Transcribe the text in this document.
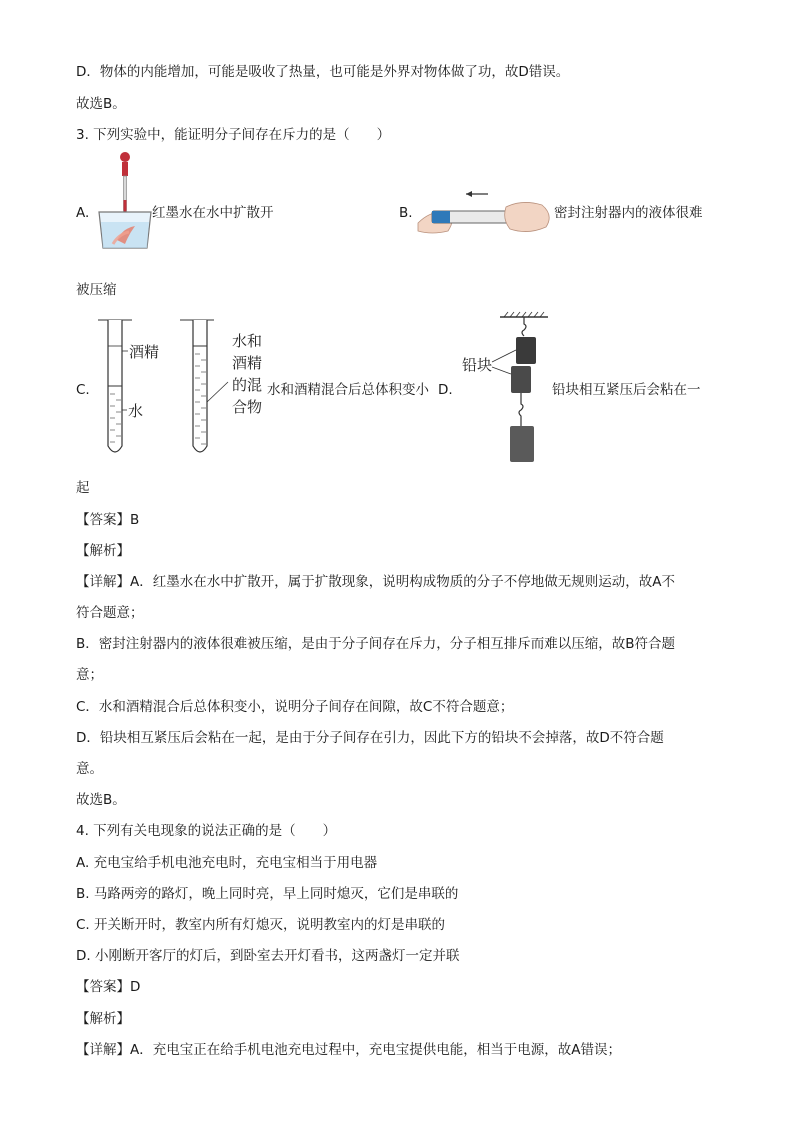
D．物体的内能增加，可能是吸收了热量，也可能是外界对物体做了功，故D错误。
故选B。
3. 下列实验中，能证明分子间存在斥力的是（　　）
A.	红墨水在水中扩散开	B.	密封注射器内的液体很难
被压缩
C.
酒精
水
水和
酒精
的混
合物
水和酒精混合后总体积变小 D.
铅块
铅块相互紧压后会粘在一
起
【答案】B
【解析】
【详解】A．红墨水在水中扩散开，属于扩散现象，说明构成物质的分子不停地做无规则运动，故A不
符合题意；
B．密封注射器内的液体很难被压缩，是由于分子间存在斥力，分子相互排斥而难以压缩，故B符合题
意；
C．水和酒精混合后总体积变小，说明分子间存在间隙，故C不符合题意；
D．铅块相互紧压后会粘在一起，是由于分子间存在引力，因此下方的铅块不会掉落，故D不符合题
意。
故选B。
4. 下列有关电现象的说法正确的是（　　）
A. 充电宝给手机电池充电时，充电宝相当于用电器
B. 马路两旁的路灯，晚上同时亮，早上同时熄灭，它们是串联的
C. 开关断开时，教室内所有灯熄灭，说明教室内的灯是串联的
D. 小刚断开客厅的灯后，到卧室去开灯看书，这两盏灯一定并联
【答案】D
【解析】
【详解】A．充电宝正在给手机电池充电过程中，充电宝提供电能，相当于电源，故A错误；
